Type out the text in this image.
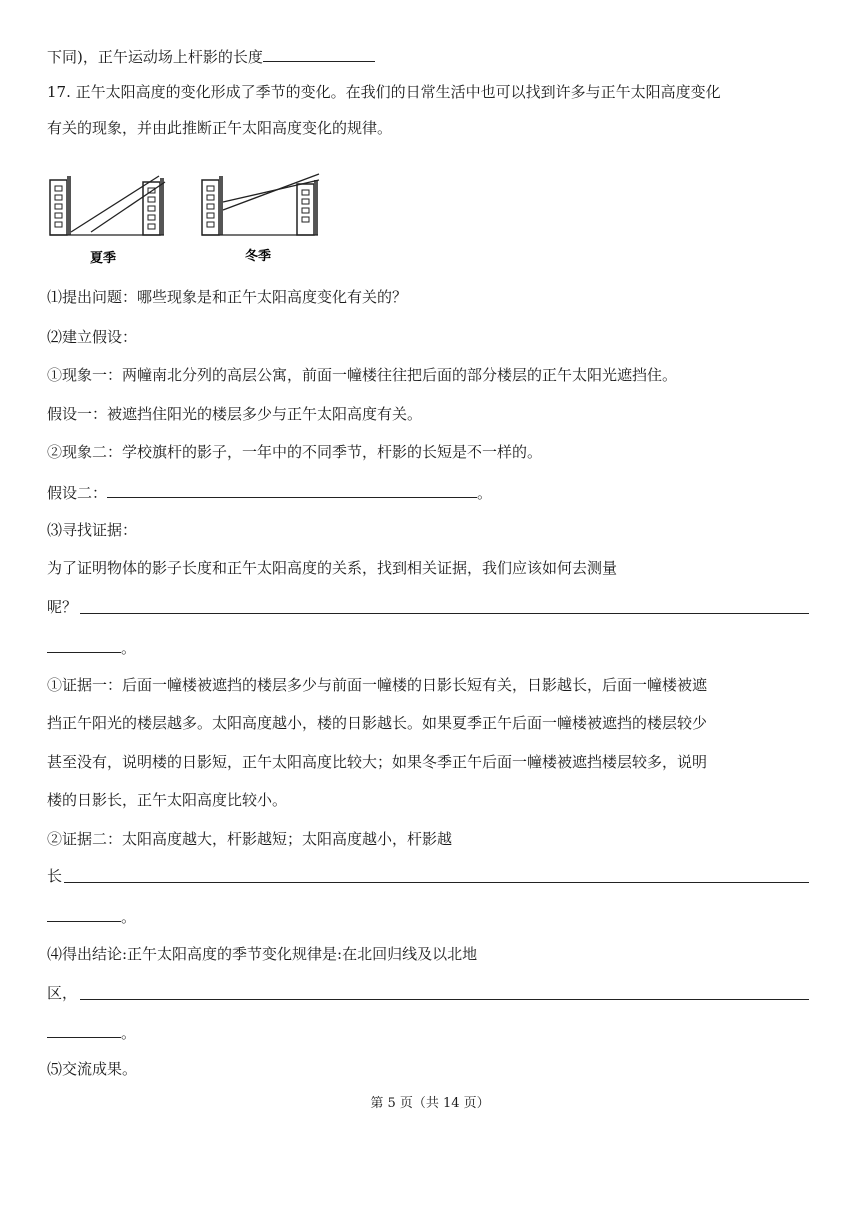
下同)，正午运动场上杆影的长度
17. 正午太阳高度的变化形成了季节的变化。在我们的日常生活中也可以找到许多与正午太阳高度变化
有关的现象，并由此推断正午太阳高度变化的规律。
夏季	冬季
⑴提出问题：哪些现象是和正午太阳高度变化有关的？
⑵建立假设：
①现象一：两幢南北分列的高层公寓，前面一幢楼往往把后面的部分楼层的正午太阳光遮挡住。
假设一：被遮挡住阳光的楼层多少与正午太阳高度有关。
②现象二：学校旗杆的影子，一年中的不同季节，杆影的长短是不一样的。
假设二：	。
⑶寻找证据：
为了证明物体的影子长度和正午太阳高度的关系，找到相关证据，我们应该如何去测量
呢？
。
①证据一：后面一幢楼被遮挡的楼层多少与前面一幢楼的日影长短有关，日影越长，后面一幢楼被遮
挡正午阳光的楼层越多。太阳高度越小，楼的日影越长。如果夏季正午后面一幢楼被遮挡的楼层较少
甚至没有，说明楼的日影短，正午太阳高度比较大；如果冬季正午后面一幢楼被遮挡楼层较多，说明
楼的日影长，正午太阳高度比较小。
②证据二：太阳高度越大，杆影越短；太阳高度越小，杆影越
长
。
⑷得出结论:正午太阳高度的季节变化规律是:在北回归线及以北地
区，
。
⑸交流成果。
第 5 页（共 14 页）
